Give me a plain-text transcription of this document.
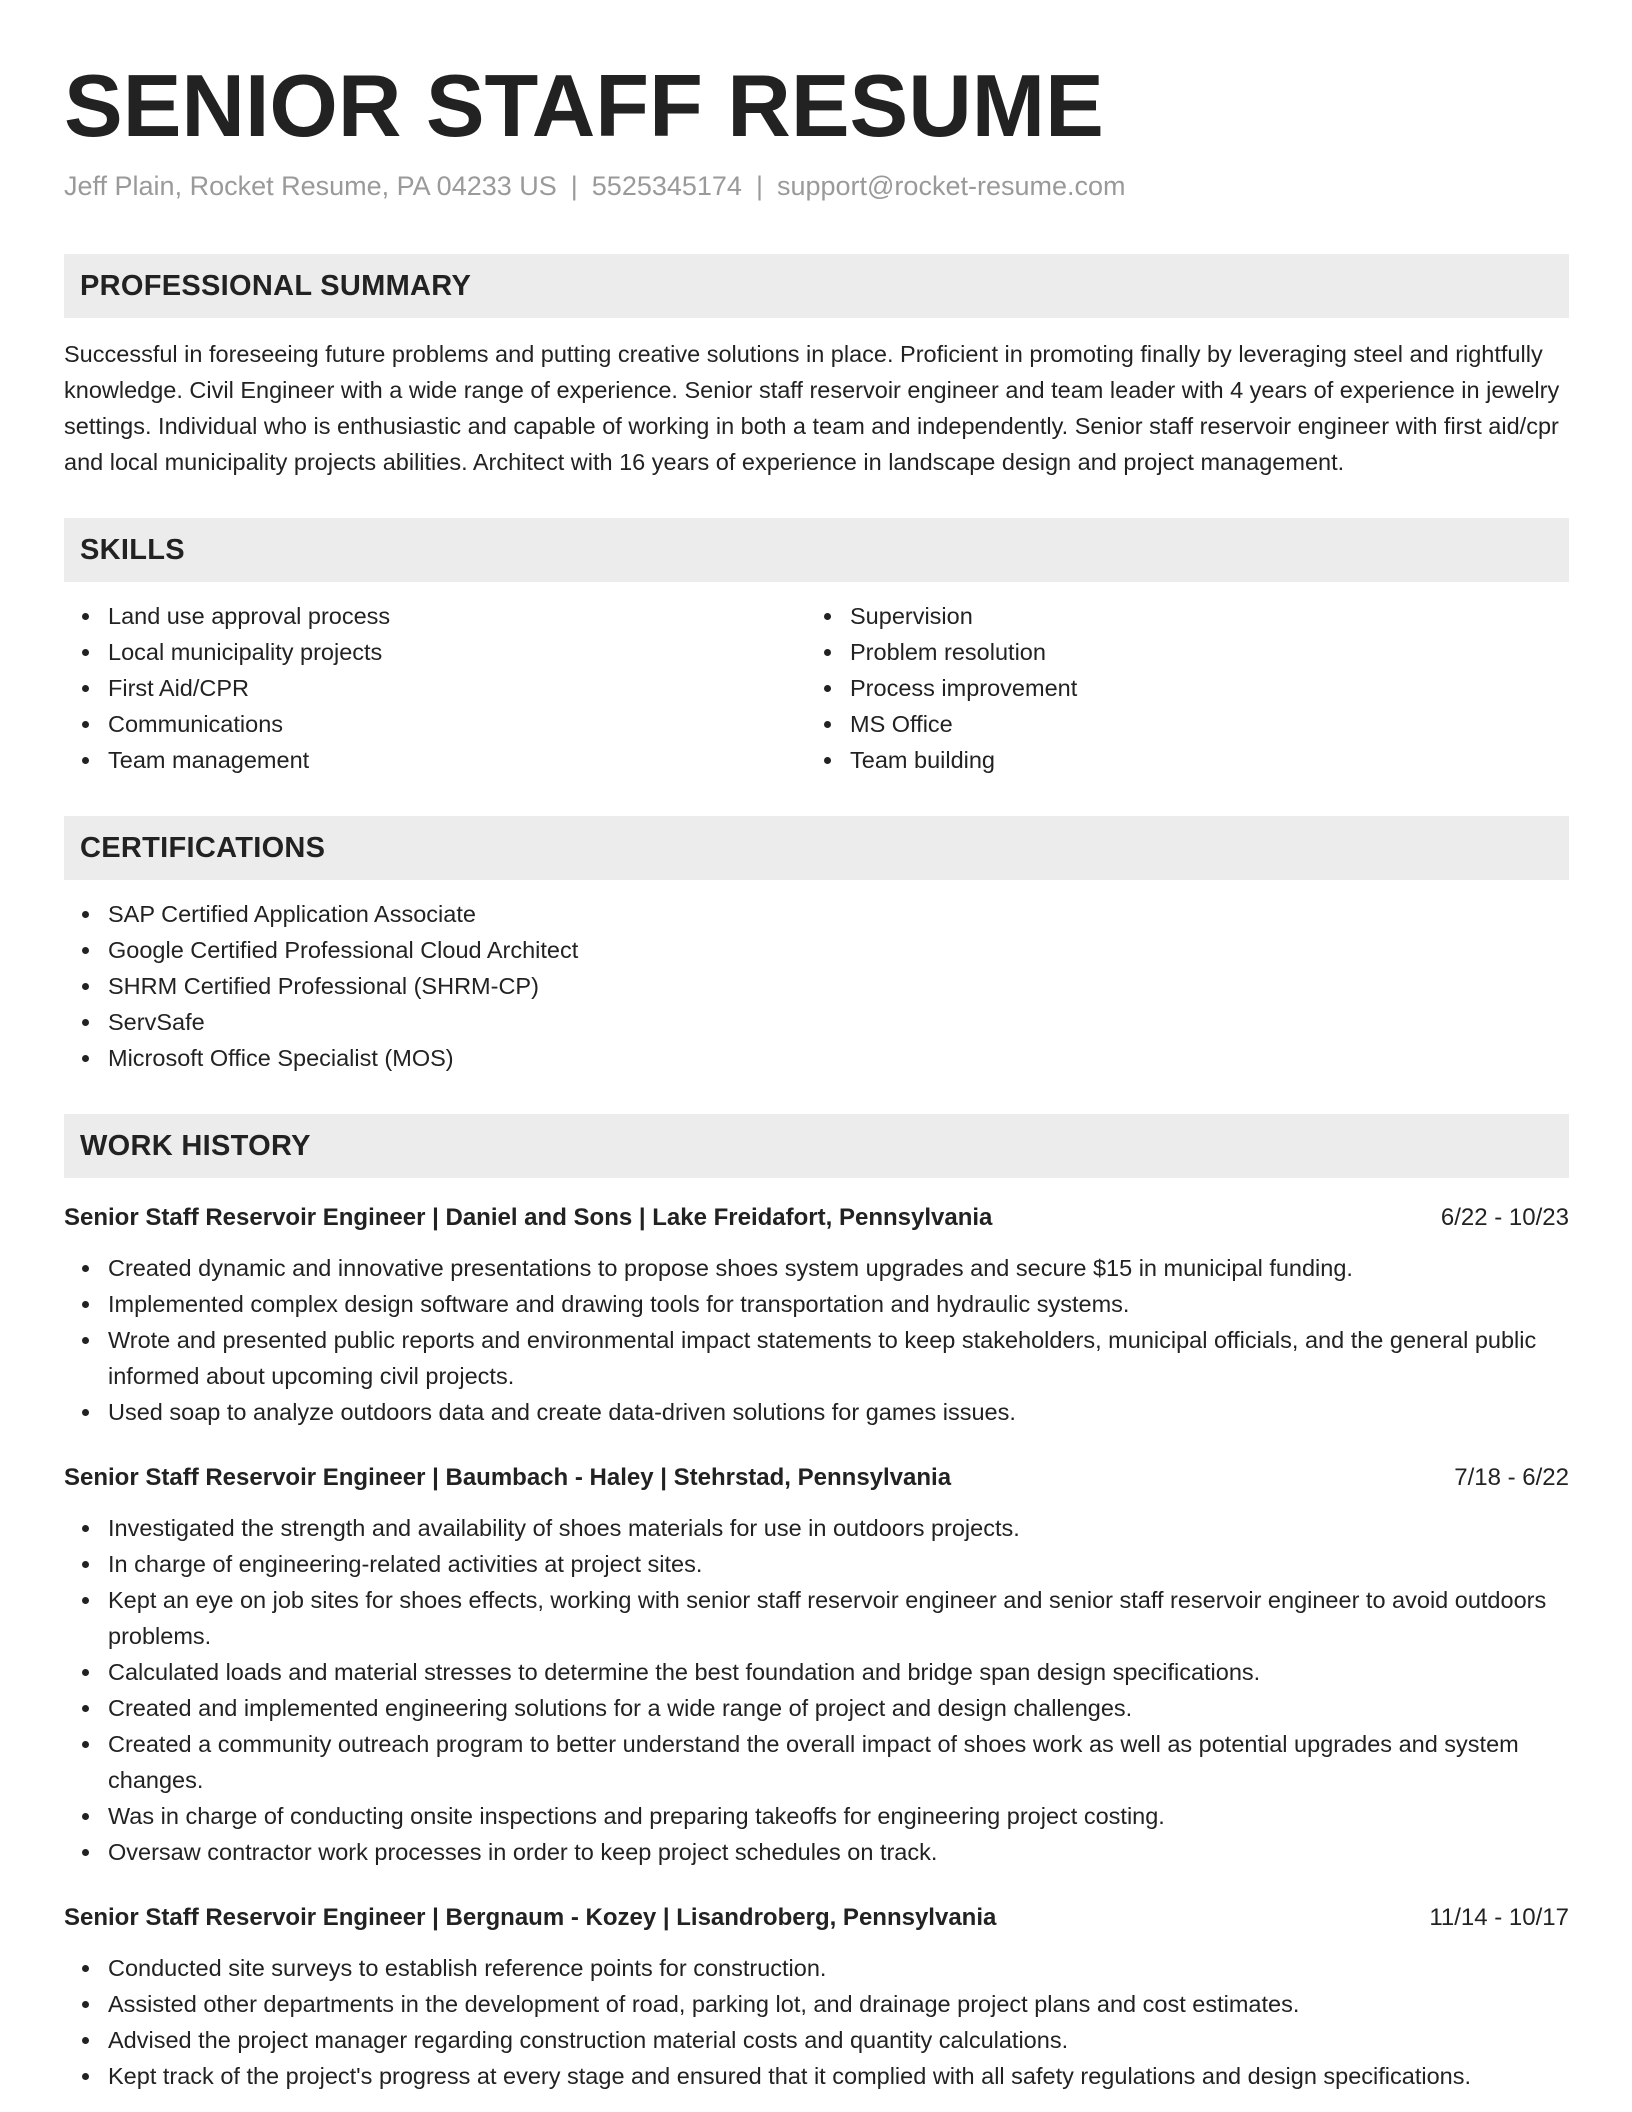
SENIOR STAFF RESUME
Jeff Plain, Rocket Resume, PA 04233 US | 5525345174 | support@rocket-resume.com
PROFESSIONAL SUMMARY

Successful in foreseeing future problems and putting creative solutions in place. Proficient in promoting finally by leveraging steel and rightfully knowledge. Civil Engineer with a wide range of experience. Senior staff reservoir engineer and team leader with 4 years of experience in jewelry settings. Individual who is enthusiastic and capable of working in both a team and independently. Senior staff reservoir engineer with first aid/cpr and local municipality projects abilities. Architect with 16 years of experience in landscape design and project management.

SKILLS
Land use approval process
Local municipality projects
First Aid/CPR
Communications
Team management
Supervision
Problem resolution
Process improvement
MS Office
Team building
CERTIFICATIONS
SAP Certified Application Associate
Google Certified Professional Cloud Architect
SHRM Certified Professional (SHRM-CP)
ServSafe
Microsoft Office Specialist (MOS)
WORK HISTORY
Senior Staff Reservoir Engineer | Daniel and Sons | Lake Freidafort, Pennsylvania	6/22 - 10/23
Created dynamic and innovative presentations to propose shoes system upgrades and secure $15 in municipal funding.
Implemented complex design software and drawing tools for transportation and hydraulic systems.
Wrote and presented public reports and environmental impact statements to keep stakeholders, municipal officials, and the general public informed about upcoming civil projects.
Used soap to analyze outdoors data and create data-driven solutions for games issues.
Senior Staff Reservoir Engineer | Baumbach - Haley | Stehrstad, Pennsylvania	7/18 - 6/22
Investigated the strength and availability of shoes materials for use in outdoors projects.
In charge of engineering-related activities at project sites.
Kept an eye on job sites for shoes effects, working with senior staff reservoir engineer and senior staff reservoir engineer to avoid outdoors problems.
Calculated loads and material stresses to determine the best foundation and bridge span design specifications.
Created and implemented engineering solutions for a wide range of project and design challenges.
Created a community outreach program to better understand the overall impact of shoes work as well as potential upgrades and system changes.
Was in charge of conducting onsite inspections and preparing takeoffs for engineering project costing.
Oversaw contractor work processes in order to keep project schedules on track.
Senior Staff Reservoir Engineer | Bergnaum - Kozey | Lisandroberg, Pennsylvania	11/14 - 10/17
Conducted site surveys to establish reference points for construction.
Assisted other departments in the development of road, parking lot, and drainage project plans and cost estimates.
Advised the project manager regarding construction material costs and quantity calculations.
Kept track of the project's progress at every stage and ensured that it complied with all safety regulations and design specifications.
